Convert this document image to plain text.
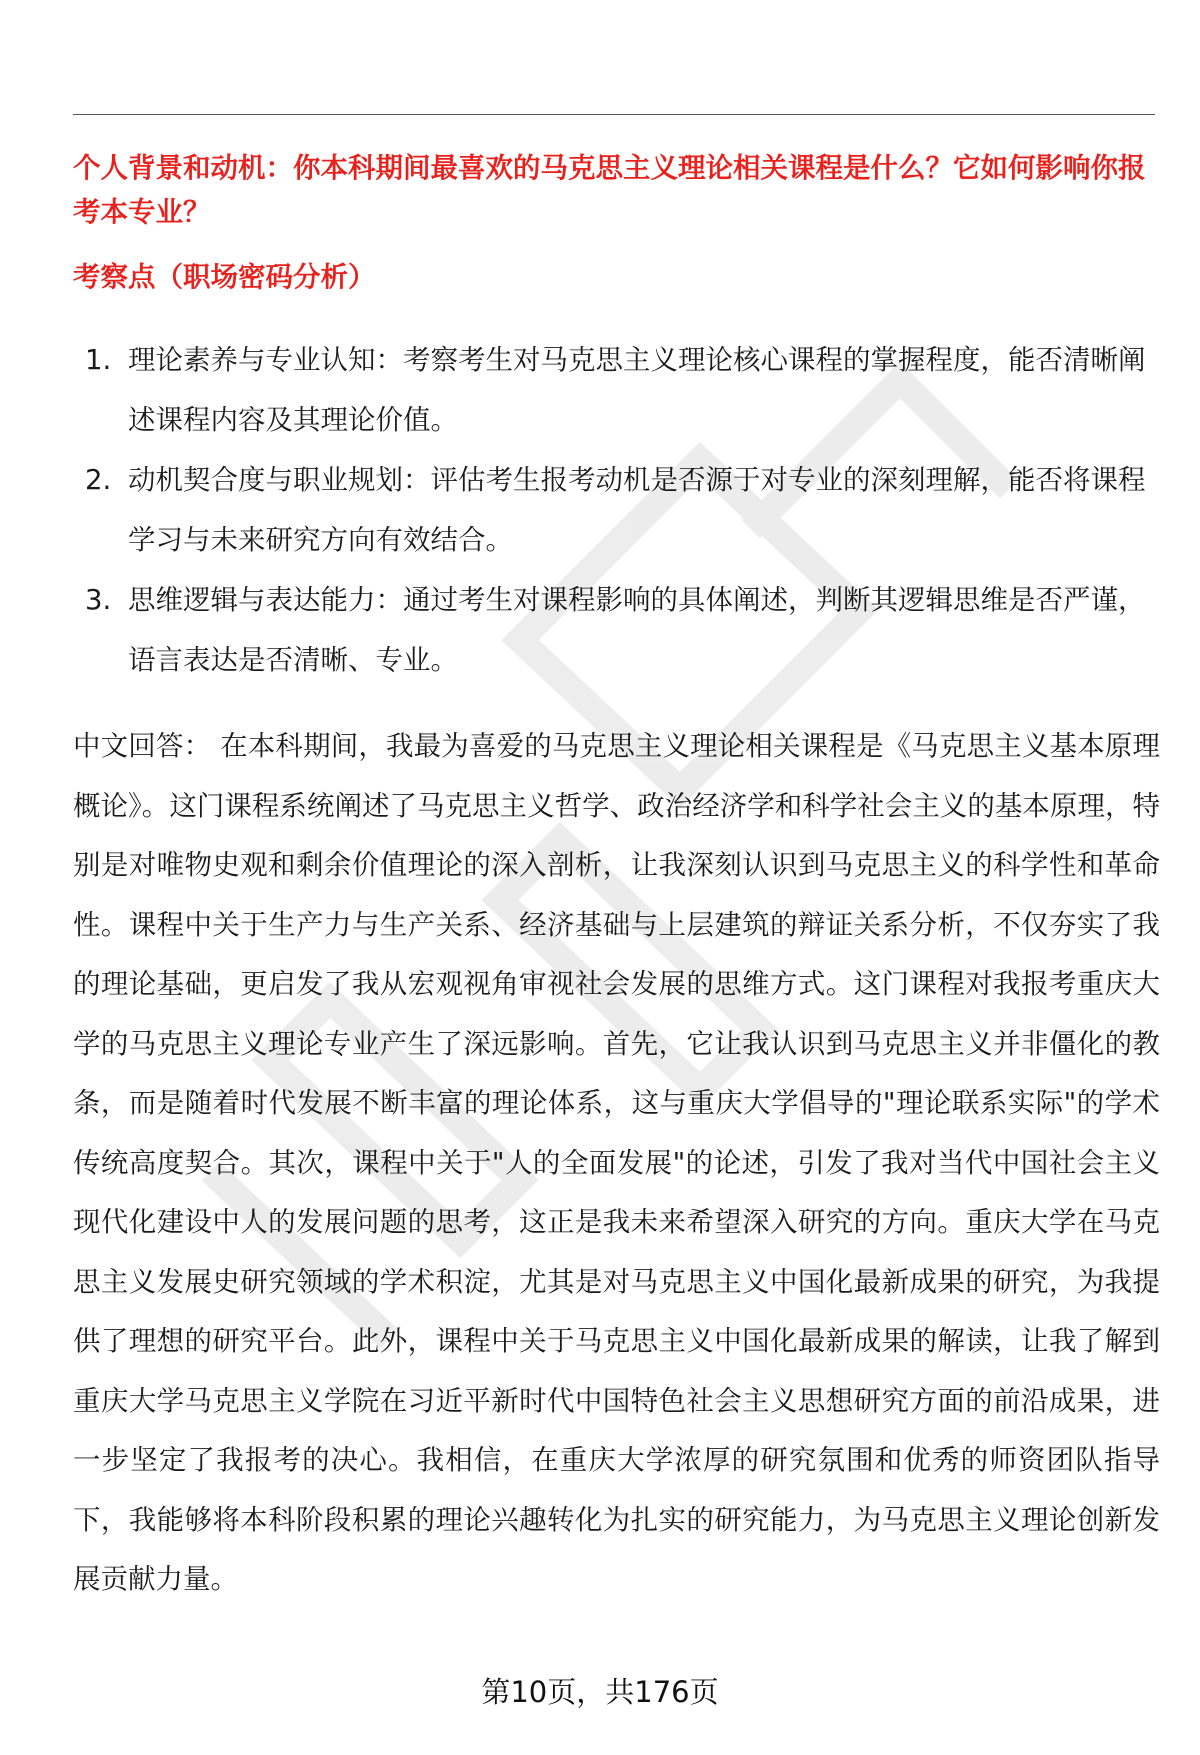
个人背景和动机：你本科期间最喜欢的马克思主义理论相关课程是什么？它如何影响你报考本专业？

考察点（职场密码分析）

1. 理论素养与专业认知：考察考生对马克思主义理论核心课程的掌握程度，能否清晰阐述课程内容及其理论价值。
2. 动机契合度与职业规划：评估考生报考动机是否源于对专业的深刻理解，能否将课程学习与未来研究方向有效结合。
3. 思维逻辑与表达能力：通过考生对课程影响的具体阐述，判断其逻辑思维是否严谨，语言表达是否清晰、专业。

中文回答： 在本科期间，我最为喜爱的马克思主义理论相关课程是《马克思主义基本原理概论》。这门课程系统阐述了马克思主义哲学、政治经济学和科学社会主义的基本原理，特别是对唯物史观和剩余价值理论的深入剖析，让我深刻认识到马克思主义的科学性和革命性。课程中关于生产力与生产关系、经济基础与上层建筑的辩证关系分析，不仅夯实了我的理论基础，更启发了我从宏观视角审视社会发展的思维方式。这门课程对我报考重庆大学的马克思主义理论专业产生了深远影响。首先，它让我认识到马克思主义并非僵化的教条，而是随着时代发展不断丰富的理论体系，这与重庆大学倡导的"理论联系实际"的学术传统高度契合。其次，课程中关于"人的全面发展"的论述，引发了我对当代中国社会主义现代化建设中人的发展问题的思考，这正是我未来希望深入研究的方向。重庆大学在马克思主义发展史研究领域的学术积淀，尤其是对马克思主义中国化最新成果的研究，为我提供了理想的研究平台。此外，课程中关于马克思主义中国化最新成果的解读，让我了解到重庆大学马克思主义学院在习近平新时代中国特色社会主义思想研究方面的前沿成果，进一步坚定了我报考的决心。我相信，在重庆大学浓厚的研究氛围和优秀的师资团队指导下，我能够将本科阶段积累的理论兴趣转化为扎实的研究能力，为马克思主义理论创新发展贡献力量。

第10页，共176页
